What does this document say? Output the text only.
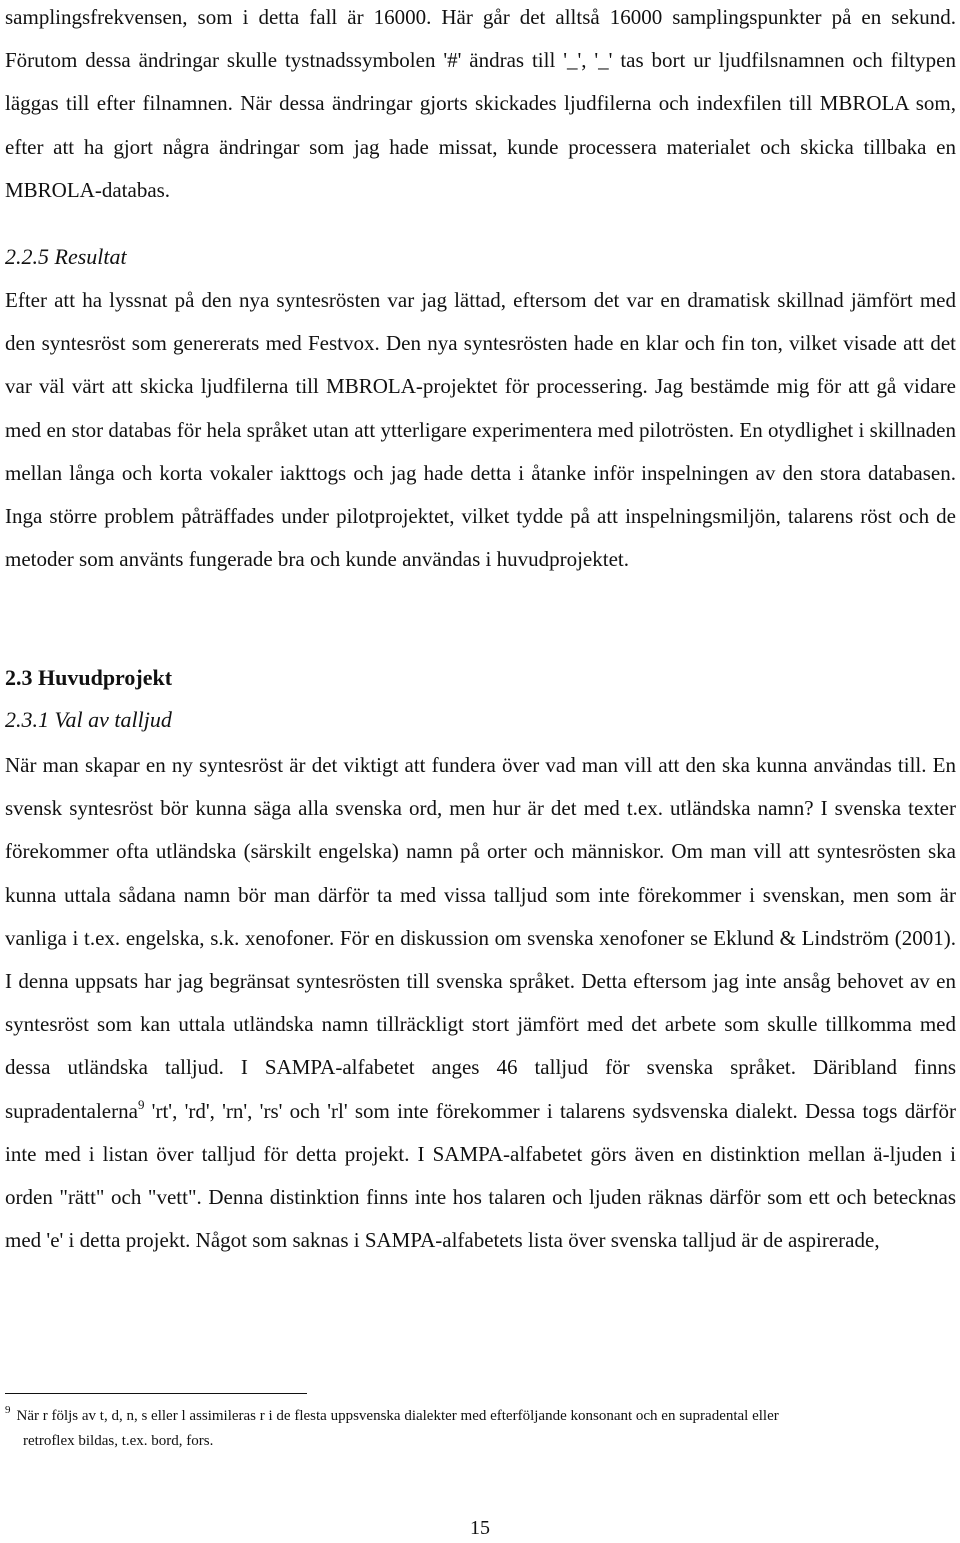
samplingsfrekvensen, som i detta fall är 16000. Här går det alltså 16000 samplingspunkter på en sekund. Förutom dessa ändringar skulle tystnadssymbolen '#' ändras till '_', '_' tas bort ur ljudfilsnamnen och filtypen läggas till efter filnamnen. När dessa ändringar gjorts skickades ljudfilerna och indexfilen till MBROLA som, efter att ha gjort några ändringar som jag hade missat, kunde processera materialet och skicka tillbaka en MBROLA-databas.

2.2.5 Resultat

Efter att ha lyssnat på den nya syntesrösten var jag lättad, eftersom det var en dramatisk skillnad jämfört med den syntesröst som genererats med Festvox. Den nya syntesrösten hade en klar och fin ton, vilket visade att det var väl värt att skicka ljudfilerna till MBROLA-projektet för processering. Jag bestämde mig för att gå vidare med en stor databas för hela språket utan att ytterligare experimentera med pilotrösten. En otydlighet i skillnaden mellan långa och korta vokaler iakttogs och jag hade detta i åtanke inför inspelningen av den stora databasen. Inga större problem påträffades under pilotprojektet, vilket tydde på att inspelningsmiljön, talarens röst och de metoder som använts fungerade bra och kunde användas i huvudprojektet.

2.3 Huvudprojekt
2.3.1 Val av talljud

När man skapar en ny syntesröst är det viktigt att fundera över vad man vill att den ska kunna användas till. En svensk syntesröst bör kunna säga alla svenska ord, men hur är det med t.ex. utländska namn? I svenska texter förekommer ofta utländska (särskilt engelska) namn på orter och människor. Om man vill att syntesrösten ska kunna uttala sådana namn bör man därför ta med vissa talljud som inte förekommer i svenskan, men som är vanliga i t.ex. engelska, s.k. xenofoner. För en diskussion om svenska xenofoner se Eklund & Lindström (2001). I denna uppsats har jag begränsat syntesrösten till svenska språket. Detta eftersom jag inte ansåg behovet av en syntesröst som kan uttala utländska namn tillräckligt stort jämfört med det arbete som skulle tillkomma med dessa utländska talljud. I SAMPA-alfabetet anges 46 talljud för svenska språket. Däribland finns supradentalerna$^9$ 'rt', 'rd', 'rn', 'rs' och 'rl' som inte förekommer i talarens sydsvenska dialekt. Dessa togs därför inte med i listan över talljud för detta projekt. I SAMPA-alfabetet görs även en distinktion mellan ä-ljuden i orden "rätt" och "vett". Denna distinktion finns inte hos talaren och ljuden räknas därför som ett och betecknas med 'e' i detta projekt. Något som saknas i SAMPA-alfabetets lista över svenska talljud är de aspirerade,

$^9$ När r följs av t, d, n, s eller l assimileras r i de flesta uppsvenska dialekter med efterföljande konsonant och en supradental eller
retroflex bildas, t.ex. bord, fors.

15
